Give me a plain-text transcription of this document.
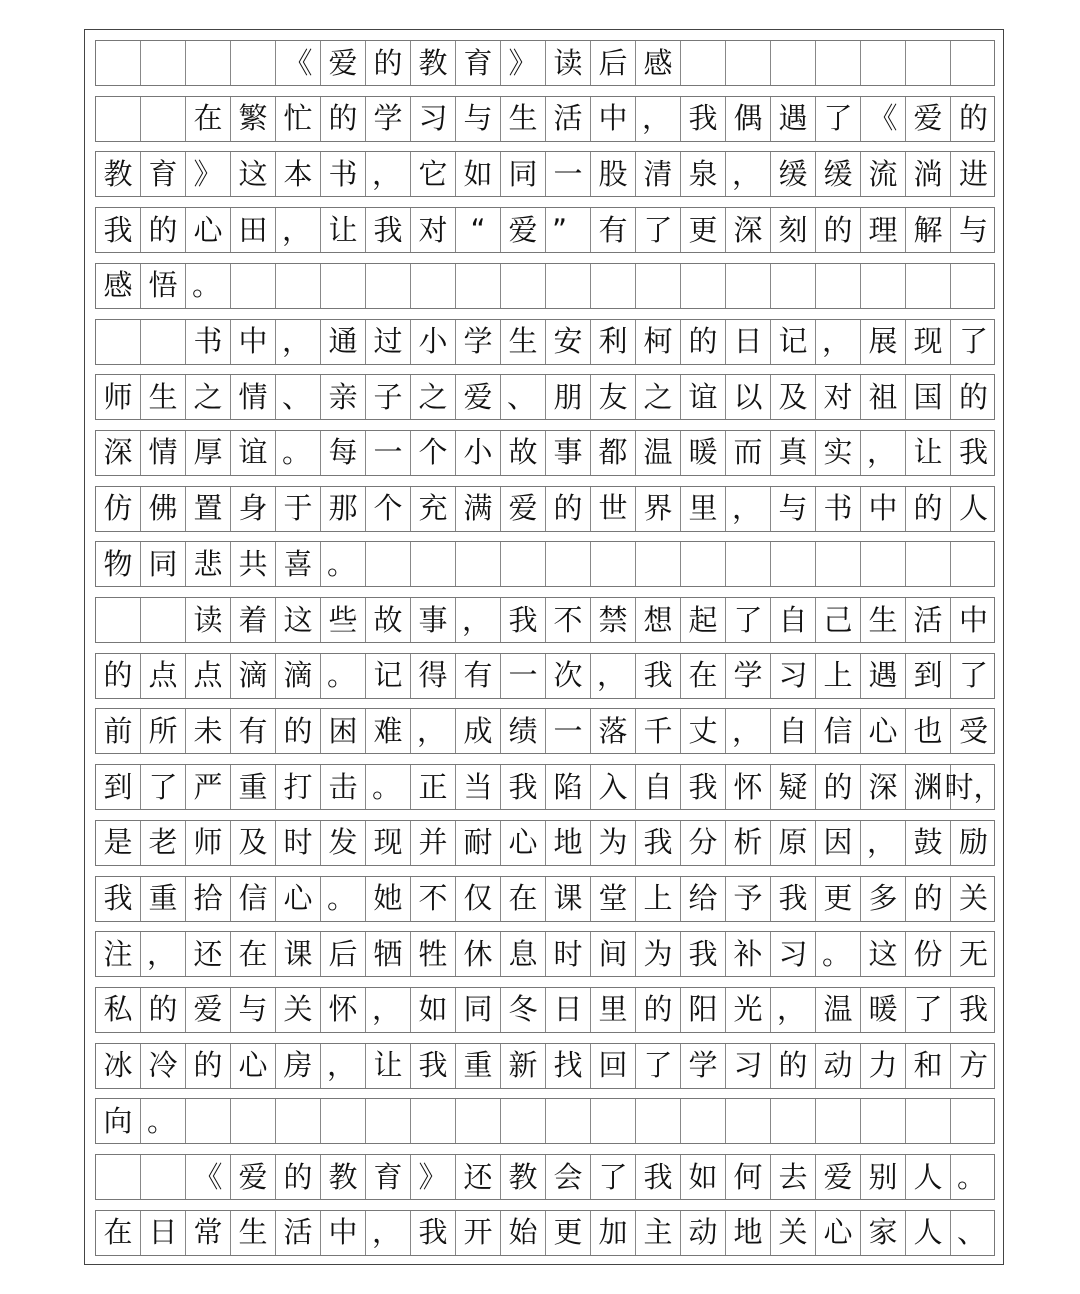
《 爱 的 教 育 》 读 后 感
在 繁 忙 的 学 习 与 生 活 中 ， 我 偶 遇 了 《 爱 的
教 育 》 这 本 书 ， 它 如 同 一 股 清 泉 ， 缓 缓 流 淌 进
我 的 心 田 ， 让 我 对 “ 爱 ”	有 了 更 深 刻 的 理 解 与
感 悟 。
书 中 ， 通 过 小 学 生 安 利 柯 的 日 记 ， 展 现 了
师 生 之 情 、 亲 子 之 爱 、 朋 友 之 谊 以 及 对 祖 国 的
深 情 厚 谊 。 每 一 个 小 故 事 都 温 暖 而 真 实 ， 让 我
仿 佛 置 身 于 那 个 充 满 爱 的 世 界 里 ， 与 书 中 的 人
物 同 悲 共 喜 。
读 着 这 些 故 事 ， 我 不 禁 想 起 了 自 己 生 活 中
的 点 点 滴 滴 。 记 得 有 一 次 ， 我 在 学 习 上 遇 到 了
前 所 未 有 的 困 难 ， 成 绩 一 落 千 丈 ， 自 信 心 也 受
到 了 严 重 打 击 。 正 当 我 陷 入 自 我 怀 疑 的 深 渊 时，
是 老 师 及 时 发 现 并 耐 心 地 为 我 分 析 原 因 ， 鼓 励
我 重 拾 信 心 。 她 不 仅 在 课 堂 上 给 予 我 更 多 的 关
注 ， 还 在 课 后 牺 牲 休 息 时 间 为 我 补 习 。 这 份 无
私 的 爱 与 关 怀 ， 如 同 冬 日 里 的 阳 光 ， 温 暖 了 我
冰 冷 的 心 房 ， 让 我 重 新 找 回 了 学 习 的 动 力 和 方
向 。
《 爱 的 教 育 》 还 教 会 了 我 如 何 去 爱 别 人 。
在 日 常 生 活 中 ， 我 开 始 更 加 主 动 地 关 心 家 人 、
